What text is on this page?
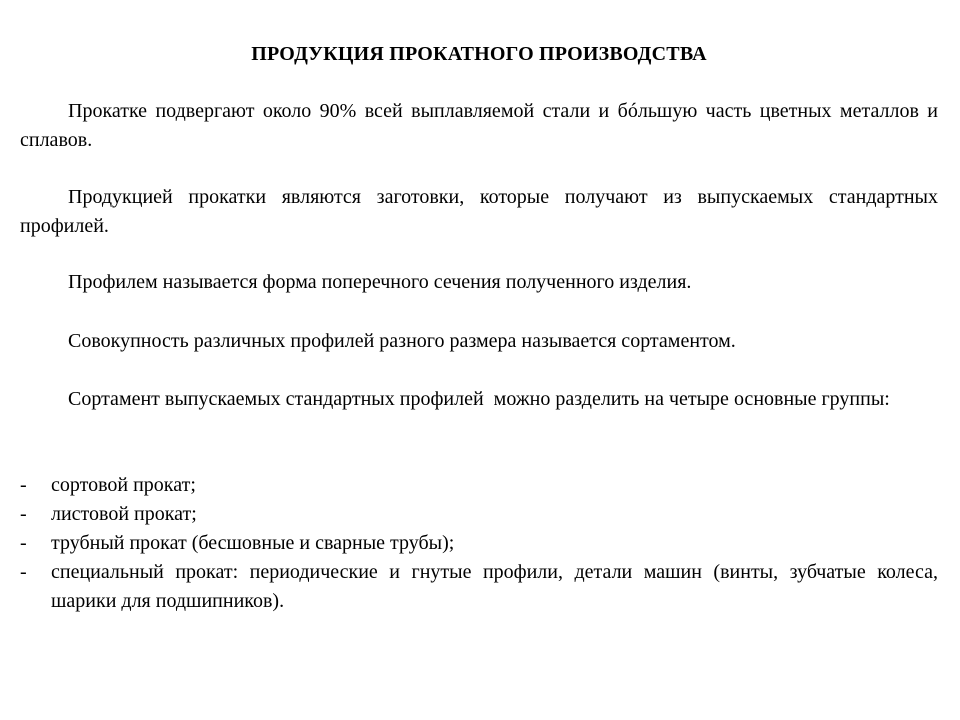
ПРОДУКЦИЯ ПРОКАТНОГО ПРОИЗВОДСТВА

Прокатке подвергают около 90% всей выплавляемой стали и бóльшую часть цветных металлов и сплавов.

Продукцией прокатки являются заготовки, которые получают из выпускаемых стандартных профилей.

Профилем называется форма поперечного сечения полученного изделия.

Совокупность различных профилей разного размера называется сортаментом.

Сортамент выпускаемых стандартных профилей  можно разделить на четыре основные группы:

-	сортовой прокат;
-	листовой прокат;
-	трубный прокат (бесшовные и сварные трубы);
-	специальный прокат: периодические и гнутые профили, детали машин (винты, зубчатые колеса, шарики для подшипников).
